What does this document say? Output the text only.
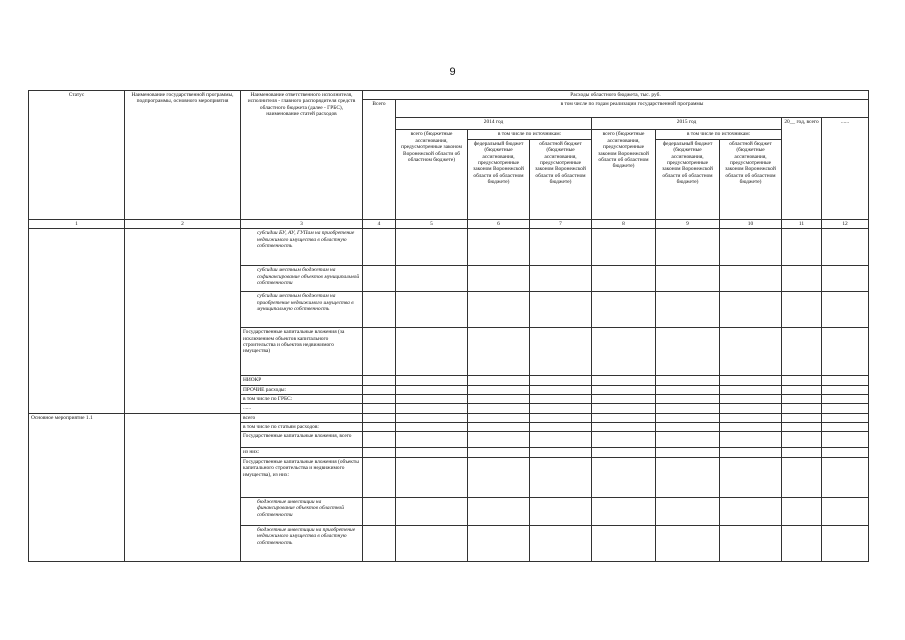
9
Статус	Наименование государственной программы, подпрограммы, основного мероприятия	Наименование ответственного исполнителя, исполнителя - главного распорядителя средств областного бюджета (далее - ГРБС), наименование статей расходов	Расходы областного бюджета, тыс. руб.								
			Всего	в том числе по годам реализации государственной программы							
				2014 год			2015 год			20__ год, всего	......
				всего (бюджетные ассигнования, предусмотренные законом Воронежской области об областном бюджете)	в том числе по источникам:		всего (бюджетные ассигнования, предусмотренные законом Воронежской области об областном бюджете)	в том числе по источникам:			
					федеральный бюджет (бюджетные ассигнования, предусмотренные законом Воронежской области об областном бюджете)	областной бюджет (бюджетные ассигнования, предусмотренные законом Воронежской области об областном бюджете)		федеральный бюджет (бюджетные ассигнования, предусмотренные законом Воронежской области об областном бюджете)	областной бюджет (бюджетные ассигнования, предусмотренные законом Воронежской области об областном бюджете)		

1	2	3	4	5	6	7	8	9	10	11	12
		субсидии БУ, АУ, ГУПам на приобретение недвижимого имущества в областную собственность									
		субсидии местным бюджетам на софинансирование объектов муниципальной собственности									
		субсидии местным бюджетам на приобретение недвижимого имущества в муниципальную собственность									
		Государственные капитальные вложения (за исключением объектов капитального строительства и объектов недвижимого имущества)									
		НИОКР									
		ПРОЧИЕ расходы:									
		в том числе по ГРБС:									
		......									
Основное мероприятие 1.1		всего									
		в том числе по статьям расходов:									
		Государственные капитальные вложения, всего									
		из них:									
		Государственные капитальные вложения (объекты капитального строительства и недвижимого имущества), из них:									
		бюджетные инвестиции на финансирование объектов областной собственности									
		бюджетные инвестиции на приобретение недвижимого имущества в областную собственность									
